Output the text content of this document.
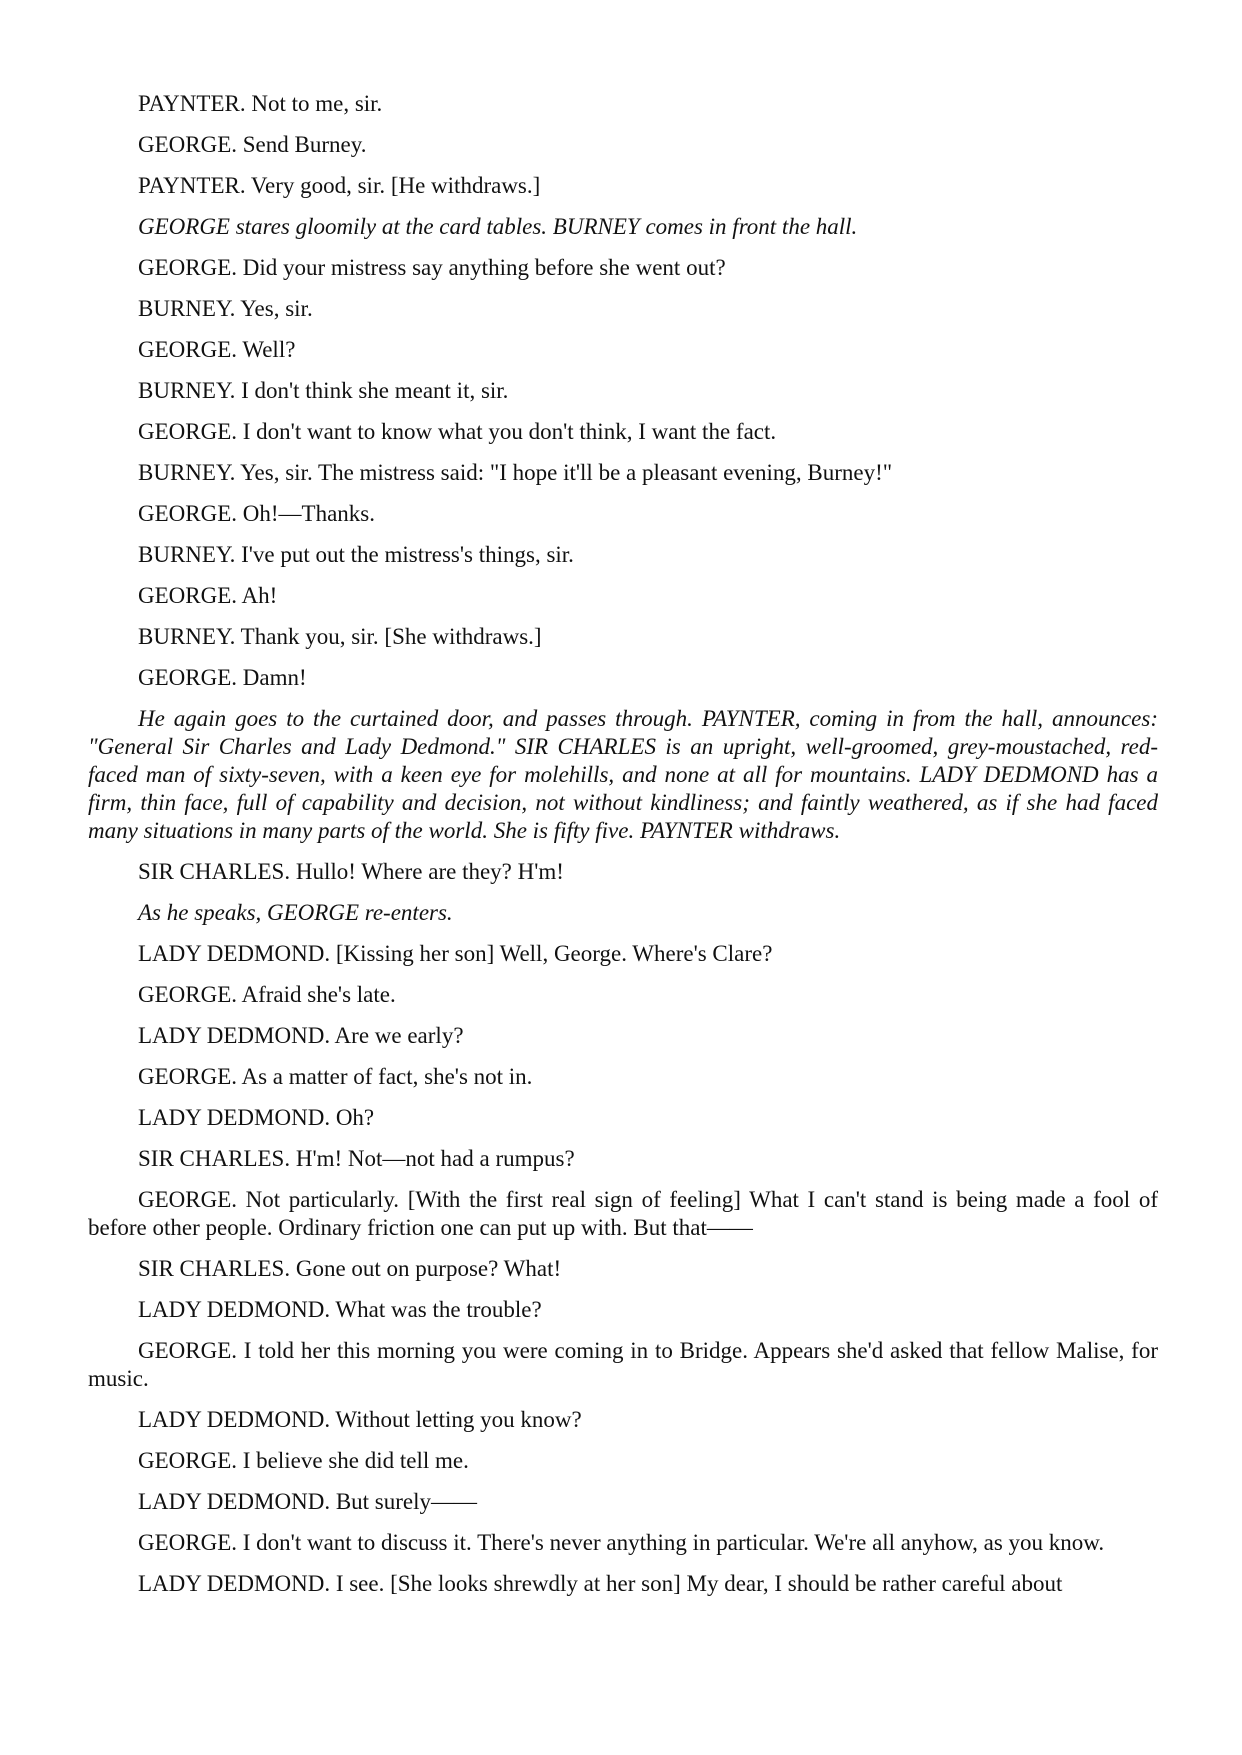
PAYNTER. Not to me, sir.

GEORGE. Send Burney.

PAYNTER. Very good, sir. [He withdraws.]

GEORGE stares gloomily at the card tables. BURNEY comes in front the hall.

GEORGE. Did your mistress say anything before she went out?

BURNEY. Yes, sir.

GEORGE. Well?

BURNEY. I don't think she meant it, sir.

GEORGE. I don't want to know what you don't think, I want the fact.

BURNEY. Yes, sir. The mistress said: "I hope it'll be a pleasant evening, Burney!"

GEORGE. Oh!—Thanks.

BURNEY. I've put out the mistress's things, sir.

GEORGE. Ah!

BURNEY. Thank you, sir. [She withdraws.]

GEORGE. Damn!

He again goes to the curtained door, and passes through. PAYNTER, coming in from the hall, announces: "General Sir Charles and Lady Dedmond." SIR CHARLES is an upright, well-groomed, grey-moustached, red-faced man of sixty-seven, with a keen eye for molehills, and none at all for mountains. LADY DEDMOND has a firm, thin face, full of capability and decision, not without kindliness; and faintly weathered, as if she had faced many situations in many parts of the world. She is fifty five. PAYNTER withdraws.

SIR CHARLES. Hullo! Where are they? H'm!

As he speaks, GEORGE re-enters.

LADY DEDMOND. [Kissing her son] Well, George. Where's Clare?

GEORGE. Afraid she's late.

LADY DEDMOND. Are we early?

GEORGE. As a matter of fact, she's not in.

LADY DEDMOND. Oh?

SIR CHARLES. H'm! Not—not had a rumpus?

GEORGE. Not particularly. [With the first real sign of feeling] What I can't stand is being made a fool of before other people. Ordinary friction one can put up with. But that——

SIR CHARLES. Gone out on purpose? What!

LADY DEDMOND. What was the trouble?

GEORGE. I told her this morning you were coming in to Bridge. Appears she'd asked that fellow Malise, for music.

LADY DEDMOND. Without letting you know?

GEORGE. I believe she did tell me.

LADY DEDMOND. But surely——

GEORGE. I don't want to discuss it. There's never anything in particular. We're all anyhow, as you know.

LADY DEDMOND. I see. [She looks shrewdly at her son] My dear, I should be rather careful about
